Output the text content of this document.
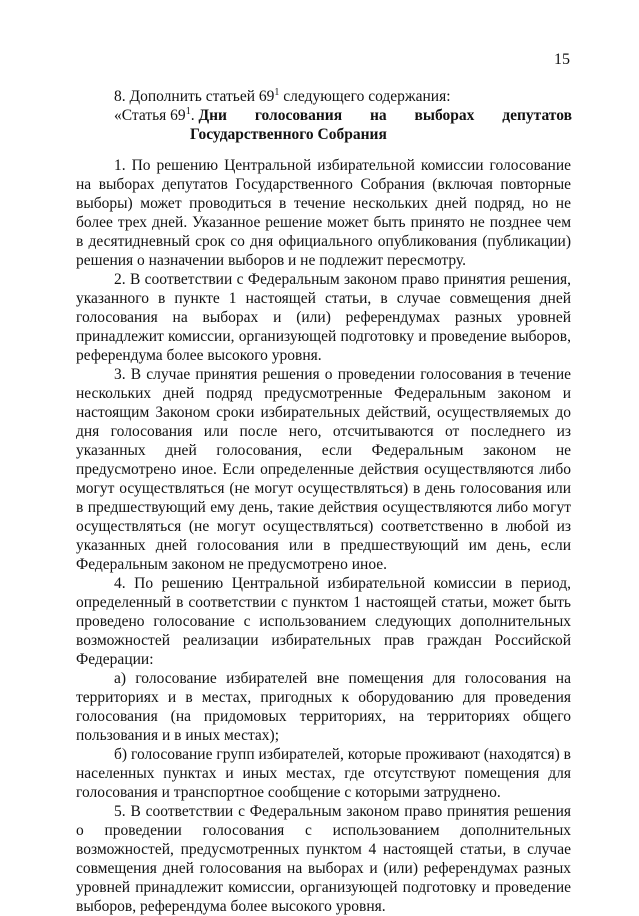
15
8. Дополнить статьей $69^1$ следующего содержания:
«Статья $69^1$. Дни голосования на выборах депутатов
Государственного Собрания

1. По решению Центральной избирательной комиссии голосование на выборах депутатов Государственного Собрания (включая повторные выборы) может проводиться в течение нескольких дней подряд, но не более трех дней. Указанное решение может быть принято не позднее чем в десятидневный срок со дня официального опубликования (публикации) решения о назначении выборов и не подлежит пересмотру.

2. В соответствии с Федеральным законом право принятия решения, указанного в пункте 1 настоящей статьи, в случае совмещения дней голосования на выборах и (или) референдумах разных уровней принадлежит комиссии, организующей подготовку и проведение выборов, референдума более высокого уровня.

3. В случае принятия решения о проведении голосования в течение нескольких дней подряд предусмотренные Федеральным законом и настоящим Законом сроки избирательных действий, осуществляемых до дня голосования или после него, отсчитываются от последнего из указанных дней голосования, если Федеральным законом не предусмотрено иное. Если определенные действия осуществляются либо могут осуществляться (не могут осуществляться) в день голосования или в предшествующий ему день, такие действия осуществляются либо могут осуществляться (не могут осуществляться) соответственно в любой из указанных дней голосования или в предшествующий им день, если Федеральным законом не предусмотрено иное.

4. По решению Центральной избирательной комиссии в период, определенный в соответствии с пунктом 1 настоящей статьи, может быть проведено голосование с использованием следующих дополнительных возможностей реализации избирательных прав граждан Российской Федерации:

а) голосование избирателей вне помещения для голосования на территориях и в местах, пригодных к оборудованию для проведения голосования (на придомовых территориях, на территориях общего пользования и в иных местах);

б) голосование групп избирателей, которые проживают (находятся) в населенных пунктах и иных местах, где отсутствуют помещения для голосования и транспортное сообщение с которыми затруднено.

5. В соответствии с Федеральным законом право принятия решения о проведении голосования с использованием дополнительных возможностей, предусмотренных пунктом 4 настоящей статьи, в случае совмещения дней голосования на выборах и (или) референдумах разных уровней принадлежит комиссии, организующей подготовку и проведение выборов, референдума более высокого уровня.
